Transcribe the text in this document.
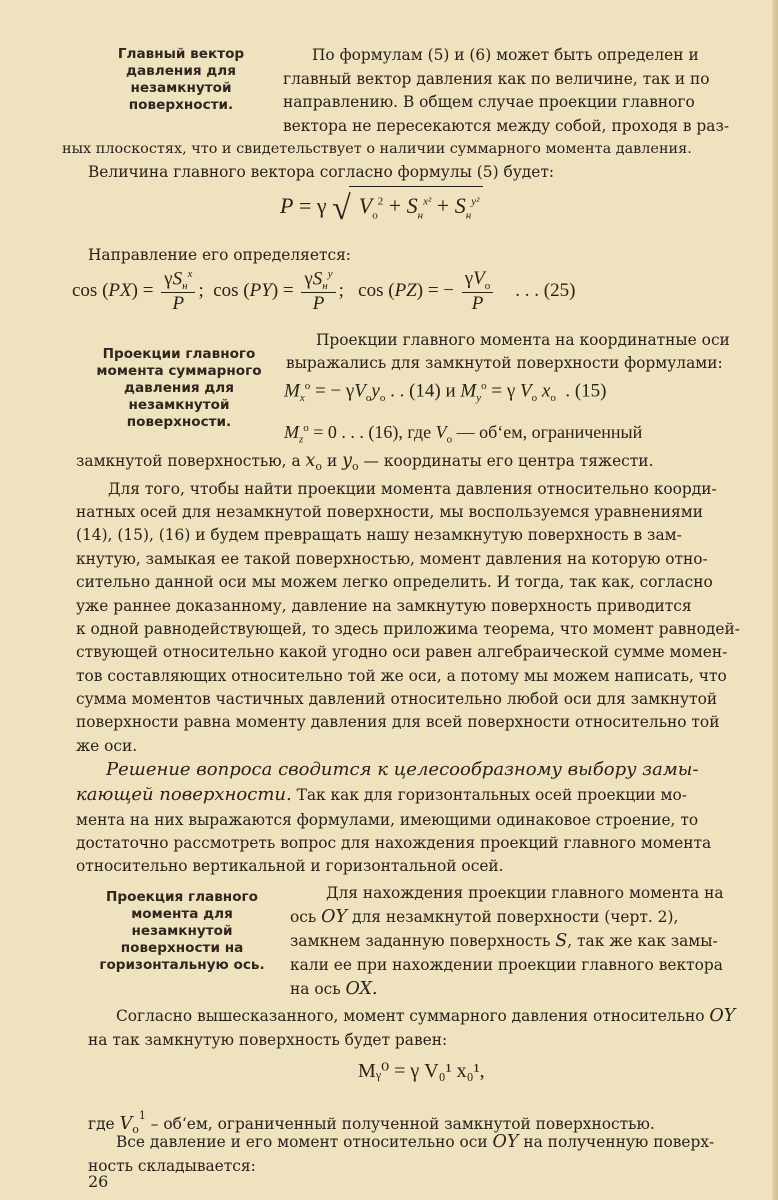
Главный вектор
давления для
незамкнутой
поверхности.
По формулам (5) и (6) может быть определен и
главный вектор давления как по величине, так и по
направлению. В общем случае проекции главного
вектора не пересекаются между собой, проходя в раз-
ных плоскостях, что и свидетельствует о наличии суммарного момента давления.
Величина главного вектора согласно формулы (5) будет:
P = γ √ $V_o^2 + S_н^{x^2} + S_н^{y^2}$
Направление его определяется:
$\cos (PX) = \frac{\gamma S_н^x}{P}$ ;  $\cos (PY) = \frac{\gamma S_н^y}{P}$ ;   cos (PZ) = − $\frac{\gamma V_o}{P}$ . . . (25)
Проекции главного
момента суммарного
давления для
незамкнутой
поверхности.
Проекции главного момента на координатные оси
выражались для замкнутой поверхности формулами:
$M_x^o$ = − $\gamma V_oy_o$ . . (14) и $M_y^o = \gamma$ $V_o$ $x_o$  . (15)
$M_z^o = 0$ . . . (16), где $V_o$ — об‘ем, ограниченный
замкнутой поверхностью, а $x_o$ и $y_o$ — координаты его центра тяжести.
Для того, чтобы найти проекции момента давления относительно коорди-
натных осей для незамкнутой поверхности, мы воспользуемся уравнениями
(14), (15), (16) и будем превращать нашу незамкнутую поверхность в зам-
кнутую, замыкая ее такой поверхностью, момент давления на которую отно-
сительно данной оси мы можем легко определить. И тогда, так как, согласно
уже раннее доказанному, давление на замкнутую поверхность приводится
к одной равнодействующей, то здесь приложима теорема, что момент равнодей-
ствующей относительно какой угодно оси равен алгебраической сумме момен-
тов составляющих относительно той же оси, а потому мы можем написать, что
сумма моментов частичных давлений относительно любой оси для замкнутой
поверхности равна моменту давления для всей поверхности относительно той
же оси.
Решение вопроса сводится к целесообразному выбору замы-
кающей поверхности. Так как для горизонтальных осей проекции мо-
мента на них выражаются формулами, имеющими одинаковое строение, то
достаточно рассмотреть вопрос для нахождения проекций главного момента
относительно вертикальной и горизонтальной осей.
Проекция главного
момента для
незамкнутой
поверхности на
горизонтальную ось.
Для нахождения проекции главного момента на
ось OY для незамкнутой поверхности (черт. 2),
замкнем заданную поверхность S, так же как замы-
кали ее при нахождении проекции главного вектора
на ось OX.
Согласно вышесказанного, момент суммарного давления относительно OY
на так замкнутую поверхность будет равен:
Mᵧ⁰ = γ V₀¹ x₀¹,
где $V_o^1$ – об‘ем, ограниченный полученной замкнутой поверхностью.
Все давление и его момент относительно оси OY на полученную поверх-
ность складывается:
26
